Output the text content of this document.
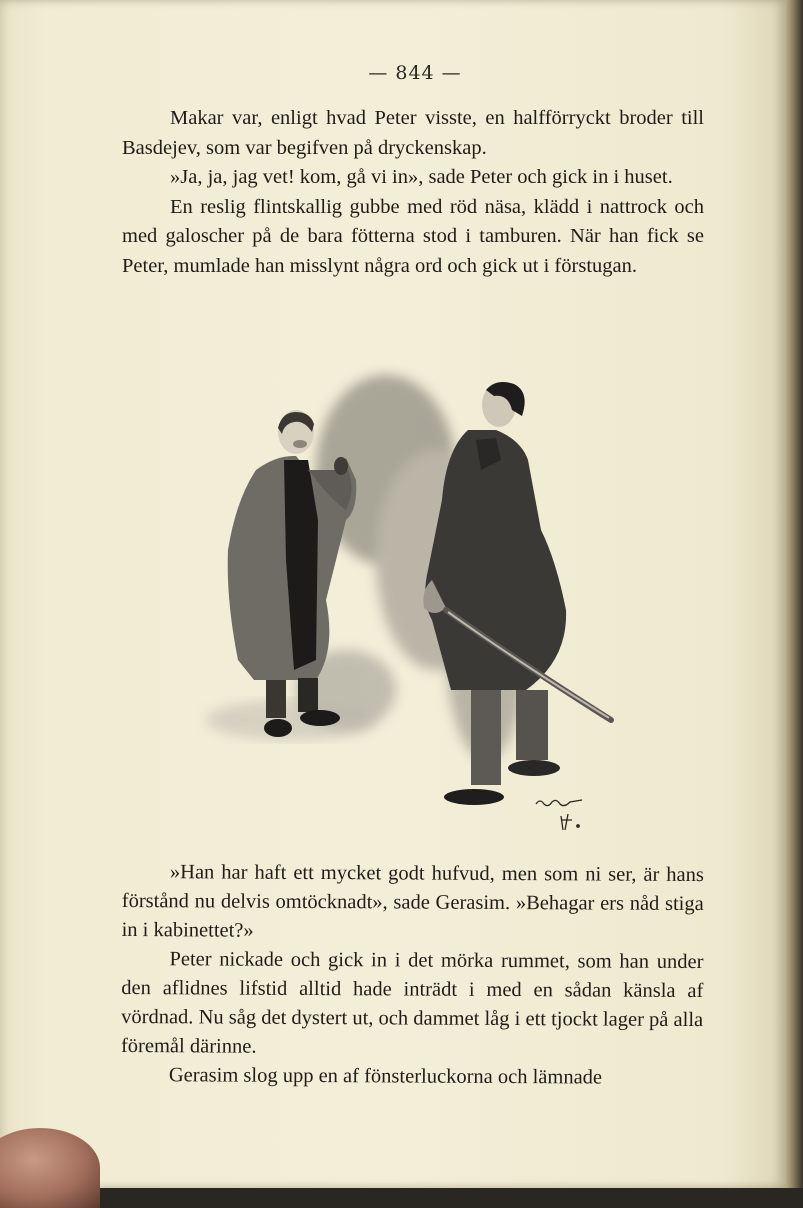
— 844 —

Makar var, enligt hvad Peter visste, en halfförryckt broder till Basdejev, som var begifven på dryckenskap.

»Ja, ja, jag vet! kom, gå vi in», sade Peter och gick in i huset.

En reslig flintskallig gubbe med röd näsa, klädd i nattrock och med galoscher på de bara fötterna stod i tamburen. När han fick se Peter, mumlade han misslynt några ord och gick ut i förstugan.

»Han har haft ett mycket godt hufvud, men som ni ser, är hans förstånd nu delvis omtöcknadt», sade Gerasim. »Behagar ers nåd stiga in i kabinettet?»

Peter nickade och gick in i det mörka rummet, som han under den aflidnes lifstid alltid hade inträdt i med en sådan känsla af vördnad. Nu såg det dystert ut, och dammet låg i ett tjockt lager på alla föremål därinne.

Gerasim slog upp en af fönsterluckorna och lämnade
